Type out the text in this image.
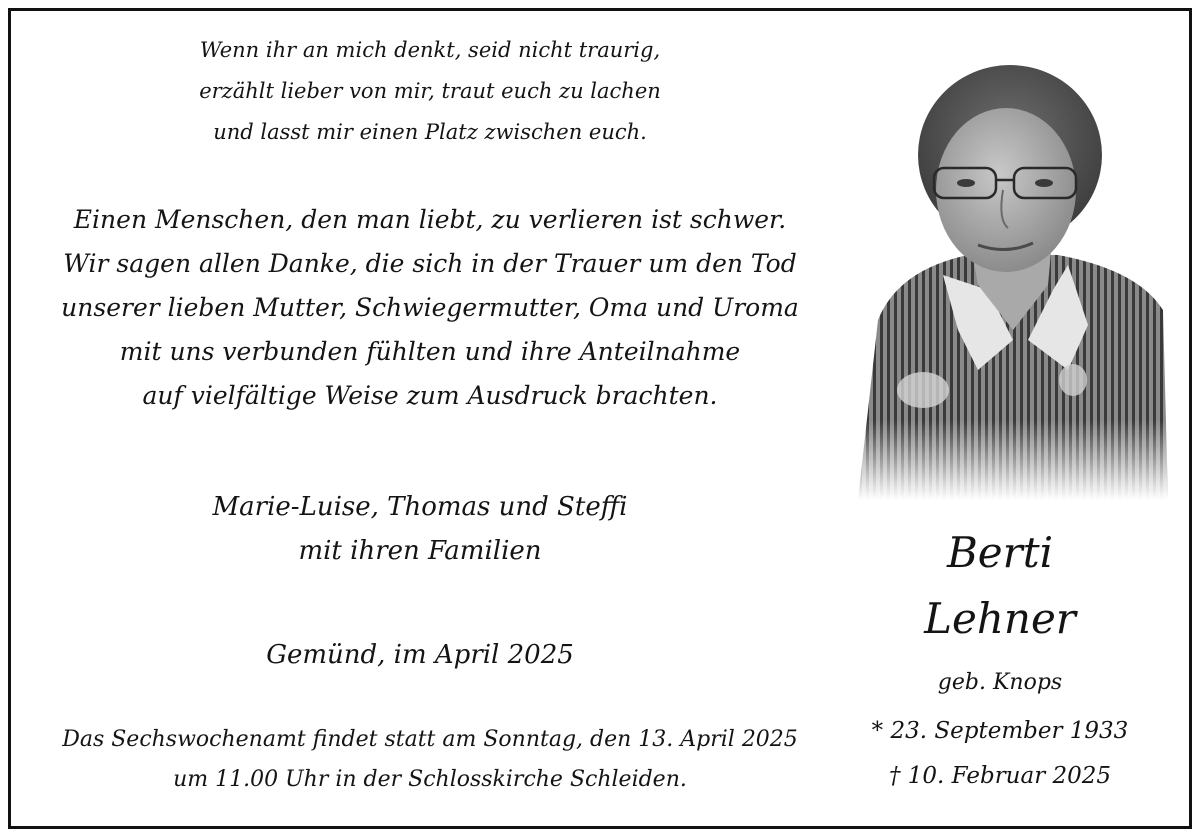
Wenn ihr an mich denkt, seid nicht traurig,
erzählt lieber von mir, traut euch zu lachen
und lasst mir einen Platz zwischen euch.
Einen Menschen, den man liebt, zu verlieren ist schwer.
Wir sagen allen Danke, die sich in der Trauer um den Tod
unserer lieben Mutter, Schwiegermutter, Oma und Uroma
mit uns verbunden fühlten und ihre Anteilnahme
auf vielfältige Weise zum Ausdruck brachten.
Marie-Luise, Thomas und Steffi
mit ihren Familien
Gemünd, im April 2025
Das Sechswochenamt findet statt am Sonntag, den 13. April 2025
um 11.00 Uhr in der Schlosskirche Schleiden.
Berti
Lehner
geb. Knops
* 23. September 1933
† 10. Februar 2025
